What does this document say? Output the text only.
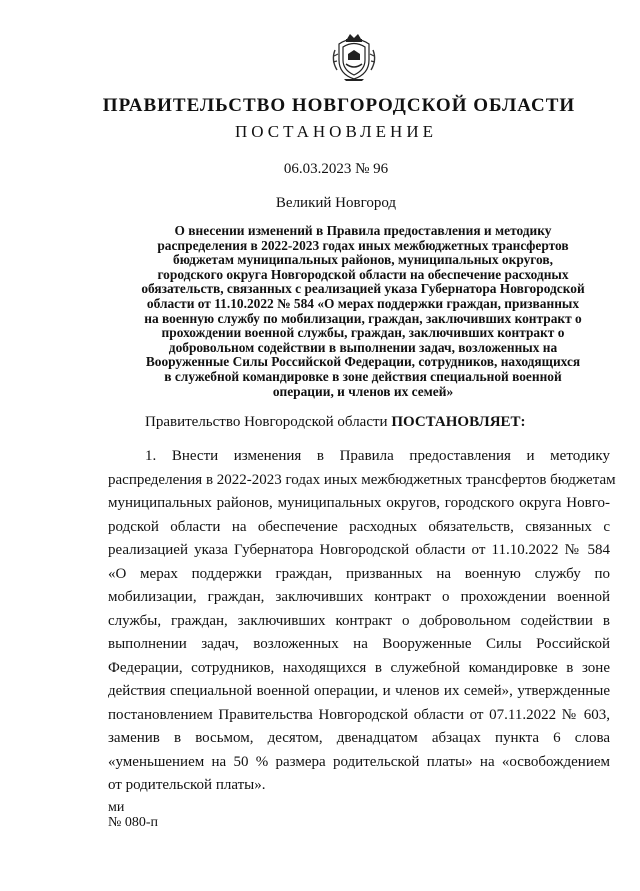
ПРАВИТЕЛЬСТВО НОВГОРОДСКОЙ ОБЛАСТИ
ПОСТАНОВЛЕНИЕ
06.03.2023 № 96
Великий Новгород
О внесении изменений в Правила предоставления и методику
распределения в 2022-2023 годах иных межбюджетных трансфертов
бюджетам муниципальных районов, муниципальных округов,
городского округа Новгородской области на обеспечение расходных
обязательств, связанных с реализацией указа Губернатора Новгородской
области от 11.10.2022 № 584 «О мерах поддержки граждан, призванных
на военную службу по мобилизации, граждан, заключивших контракт о
прохождении военной службы, граждан, заключивших контракт о
добровольном содействии в выполнении задач, возложенных на
Вооруженные Силы Российской Федерации, сотрудников, находящихся
в служебной командировке в зоне действия специальной военной
операции, и членов их семей»
Правительство Новгородской области ПОСТАНОВЛЯЕТ:
1. Внести изменения в Правила предоставления и методику
распределения в 2022-2023 годах иных межбюджетных трансфертов бюджетам
муниципальных районов, муниципальных округов, городского округа Новго-
родской области на обеспечение расходных обязательств, связанных с
реализацией указа Губернатора Новгородской области от 11.10.2022 № 584
«О мерах поддержки граждан, призванных на военную службу по
мобилизации, граждан, заключивших контракт о прохождении военной
службы, граждан, заключивших контракт о добровольном содействии в
выполнении задач, возложенных на Вооруженные Силы Российской
Федерации, сотрудников, находящихся в служебной командировке в зоне
действия специальной военной операции, и членов их семей», утвержденные
постановлением Правительства Новгородской области от 07.11.2022 № 603,
заменив в восьмом, десятом, двенадцатом абзацах пункта 6 слова
«уменьшением на 50 % размера родительской платы» на «освобождением
от родительской платы».
ми
№ 080-п
